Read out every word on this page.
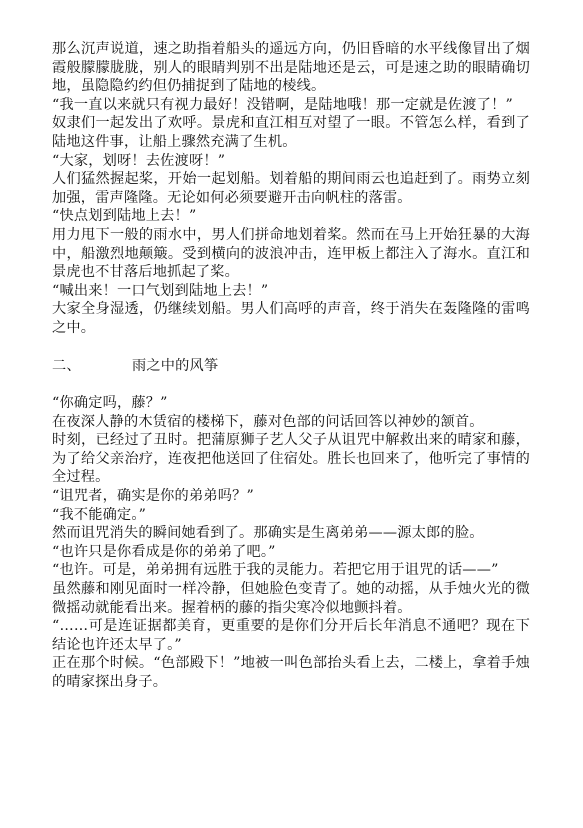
那么沉声说道，速之助指着船头的遥远方向，仍旧昏暗的水平线像冒出了烟霞般朦朦胧胧，别人的眼睛判别不出是陆地还是云，可是速之助的眼睛确切地，虽隐隐约约但仍捕捉到了陆地的棱线。

“我一直以来就只有视力最好！没错啊，是陆地哦！那一定就是佐渡了！”

奴隶们一起发出了欢呼。景虎和直江相互对望了一眼。不管怎么样，看到了陆地这件事，让船上骤然充满了生机。

“大家，划呀！去佐渡呀！”

人们猛然握起桨，开始一起划船。划着船的期间雨云也追赶到了。雨势立刻加强，雷声隆隆。无论如何必须要避开击向帆柱的落雷。

“快点划到陆地上去！”

用力甩下一般的雨水中，男人们拼命地划着桨。然而在马上开始狂暴的大海中，船激烈地颠簸。受到横向的波浪冲击，连甲板上都注入了海水。直江和景虎也不甘落后地抓起了桨。

“喊出来！一口气划到陆地上去！”

大家全身湿透，仍继续划船。男人们高呼的声音，终于消失在轰隆隆的雷鸣之中。

二、	雨之中的风筝

“你确定吗，藤？”

在夜深人静的木赁宿的楼梯下，藤对色部的问话回答以神妙的颔首。

时刻，已经过了丑时。把蒲原狮子艺人父子从诅咒中解救出来的晴家和藤，为了给父亲治疗，连夜把他送回了住宿处。胜长也回来了，他听完了事情的全过程。

“诅咒者，确实是你的弟弟吗？”

“我不能确定。”

然而诅咒消失的瞬间她看到了。那确实是生离弟弟——源太郎的脸。

“也许只是你看成是你的弟弟了吧。”

“也许。可是，弟弟拥有远胜于我的灵能力。若把它用于诅咒的话——”

虽然藤和刚见面时一样冷静，但她脸色变青了。她的动摇，从手烛火光的微微摇动就能看出来。握着柄的藤的指尖寒冷似地颤抖着。

“……可是连证据都美育，更重要的是你们分开后长年消息不通吧？现在下结论也许还太早了。”

正在那个时候。“色部殿下！”地被一叫色部抬头看上去，二楼上，拿着手烛的晴家探出身子。
